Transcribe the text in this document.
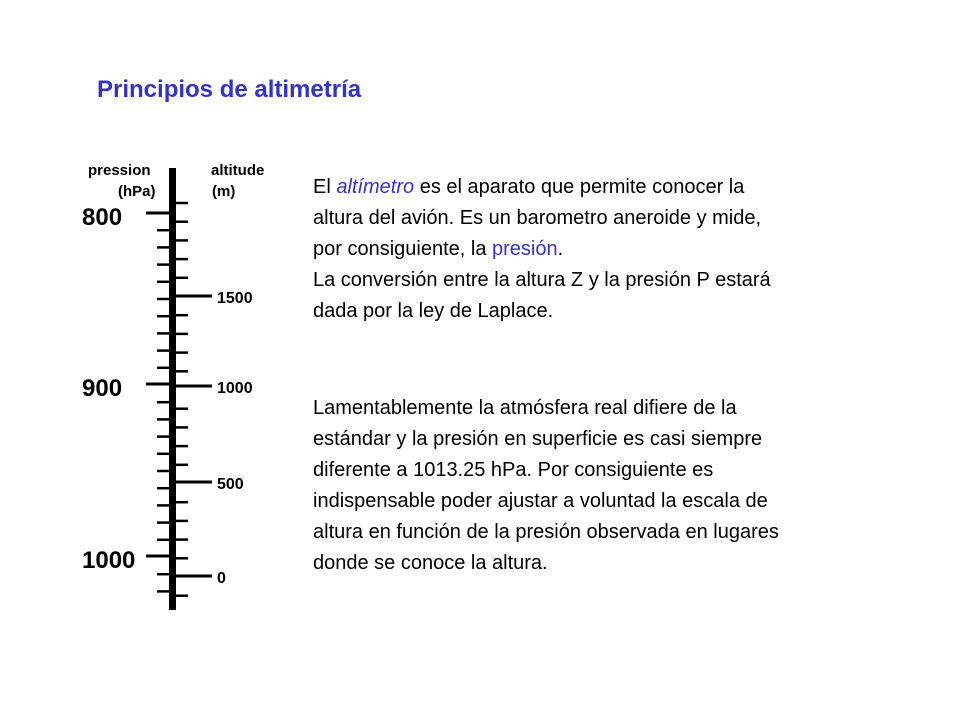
Principios de altimetría
pression
(hPa)
altitude
(m)
800
900
1000
1500
1000
500
0
El altímetro es el aparato que permite conocer la
altura del avión. Es un barometro aneroide y mide,
por consiguiente, la presión.
La conversión entre la altura Z y la presión P estará
dada por la ley de Laplace.
Lamentablemente la atmósfera real difiere de la
estándar y la presión en superficie es casi siempre
diferente a 1013.25 hPa. Por consiguiente es
indispensable poder ajustar a voluntad la escala de
altura en función de la presión observada en lugares
donde se conoce la altura.
